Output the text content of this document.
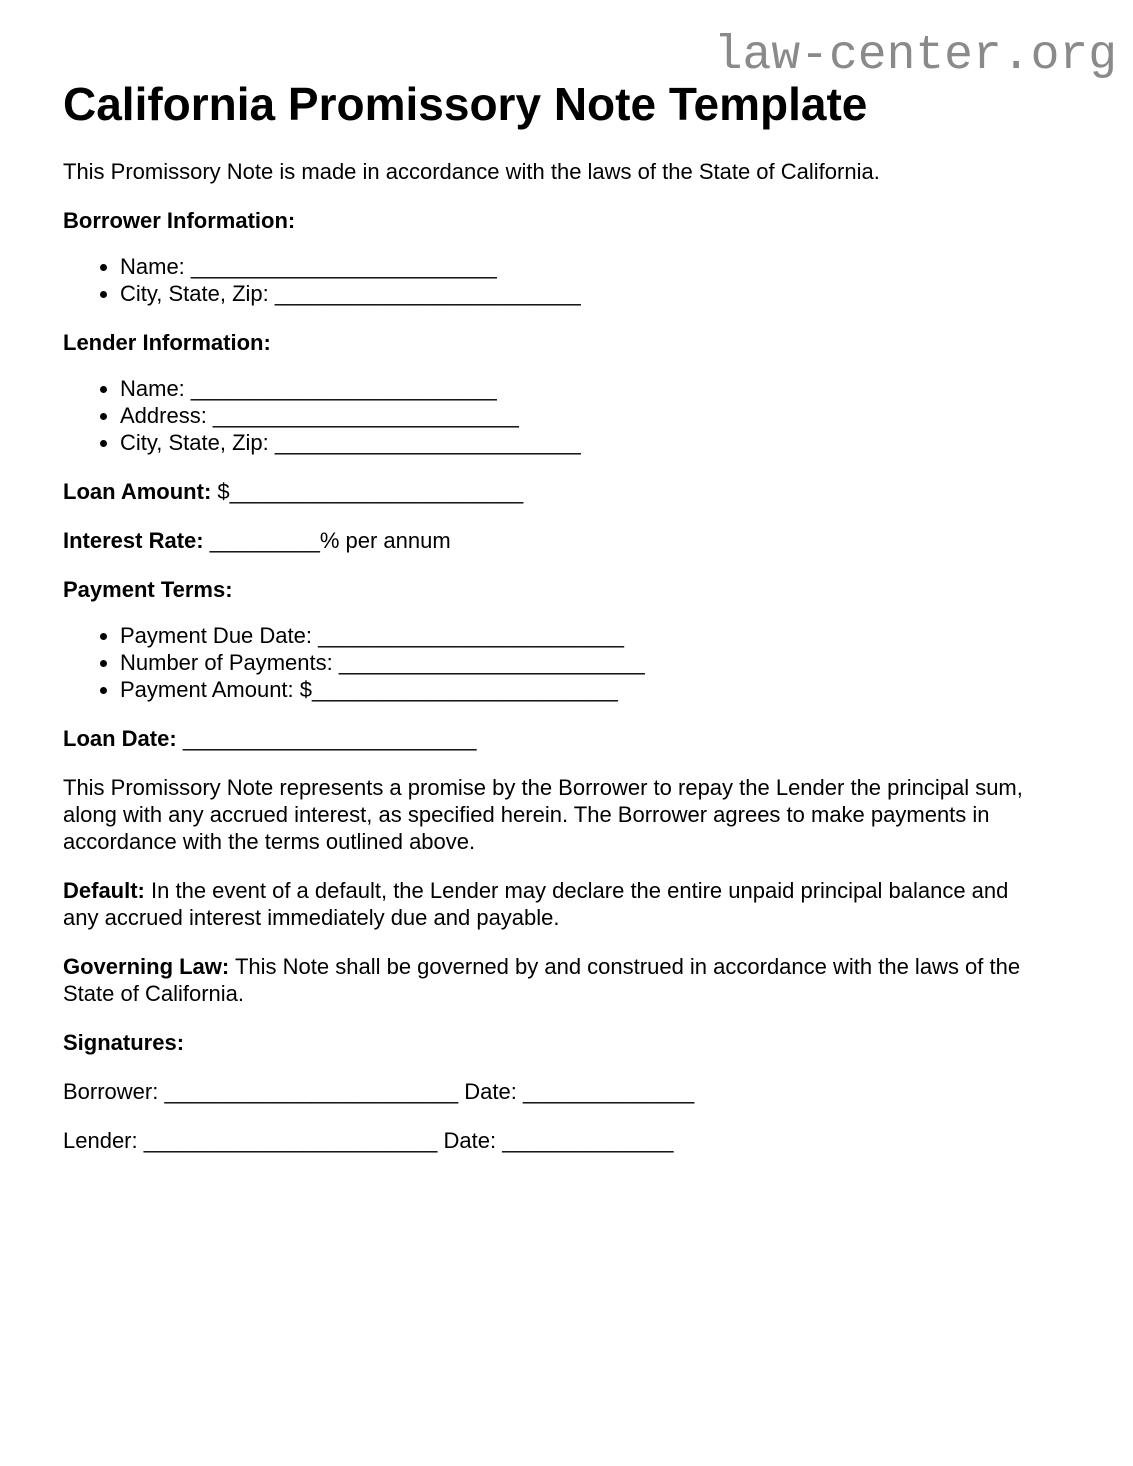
law-center.org
California Promissory Note Template

This Promissory Note is made in accordance with the laws of the State of California.

Borrower Information:
• Name: _________________________
• City, State, Zip: _________________________
Lender Information:
• Name: _________________________
• Address: _________________________
• City, State, Zip: _________________________

Loan Amount: $________________________

Interest Rate: _________% per annum

Payment Terms:
• Payment Due Date: _________________________
• Number of Payments: _________________________
• Payment Amount: $_________________________

Loan Date: ________________________

This Promissory Note represents a promise by the Borrower to repay the Lender the principal sum, along with any accrued interest, as specified herein. The Borrower agrees to make payments in accordance with the terms outlined above.

Default: In the event of a default, the Lender may declare the entire unpaid principal balance and any accrued interest immediately due and payable.

Governing Law: This Note shall be governed by and construed in accordance with the laws of the State of California.

Signatures:

Borrower: ________________________ Date: ______________

Lender: ________________________ Date: ______________
